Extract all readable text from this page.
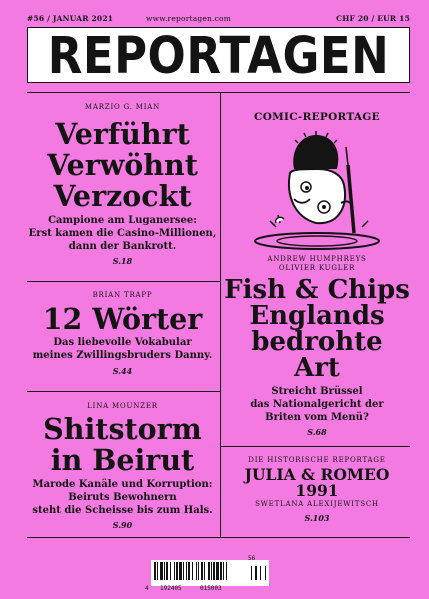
#56 / JANUAR 2021	www.reportagen.com	CHF 20 / EUR 15
REPORTAGEN
MARZIO G. MIAN
Verführt
Verwöhnt
Verzockt
Campione am Luganersee:
Erst kamen die Casino-Millionen,
dann der Bankrott.
S.18
BRIAN TRAPP
12 Wörter
Das liebevolle Vokabular
meines Zwillingsbruders Danny.
S.44
LINA MOUNZER
Shitstorm
in Beirut
Marode Kanäle und Korruption:
Beiruts Bewohnern
steht die Scheisse bis zum Hals.
S.90
COMIC-REPORTAGE
ANDREW HUMPHREYS
OLIVIER KUGLER
Fish & Chips
Englands
bedrohte Art
Streicht Brüssel
das Nationalgericht der
Briten vom Menü?
S.68
DIE HISTORISCHE REPORTAGE
JULIA & ROMEO 1991
SWETLANA ALEXIJEWITSCH
S.103
4 192405	015003
56
